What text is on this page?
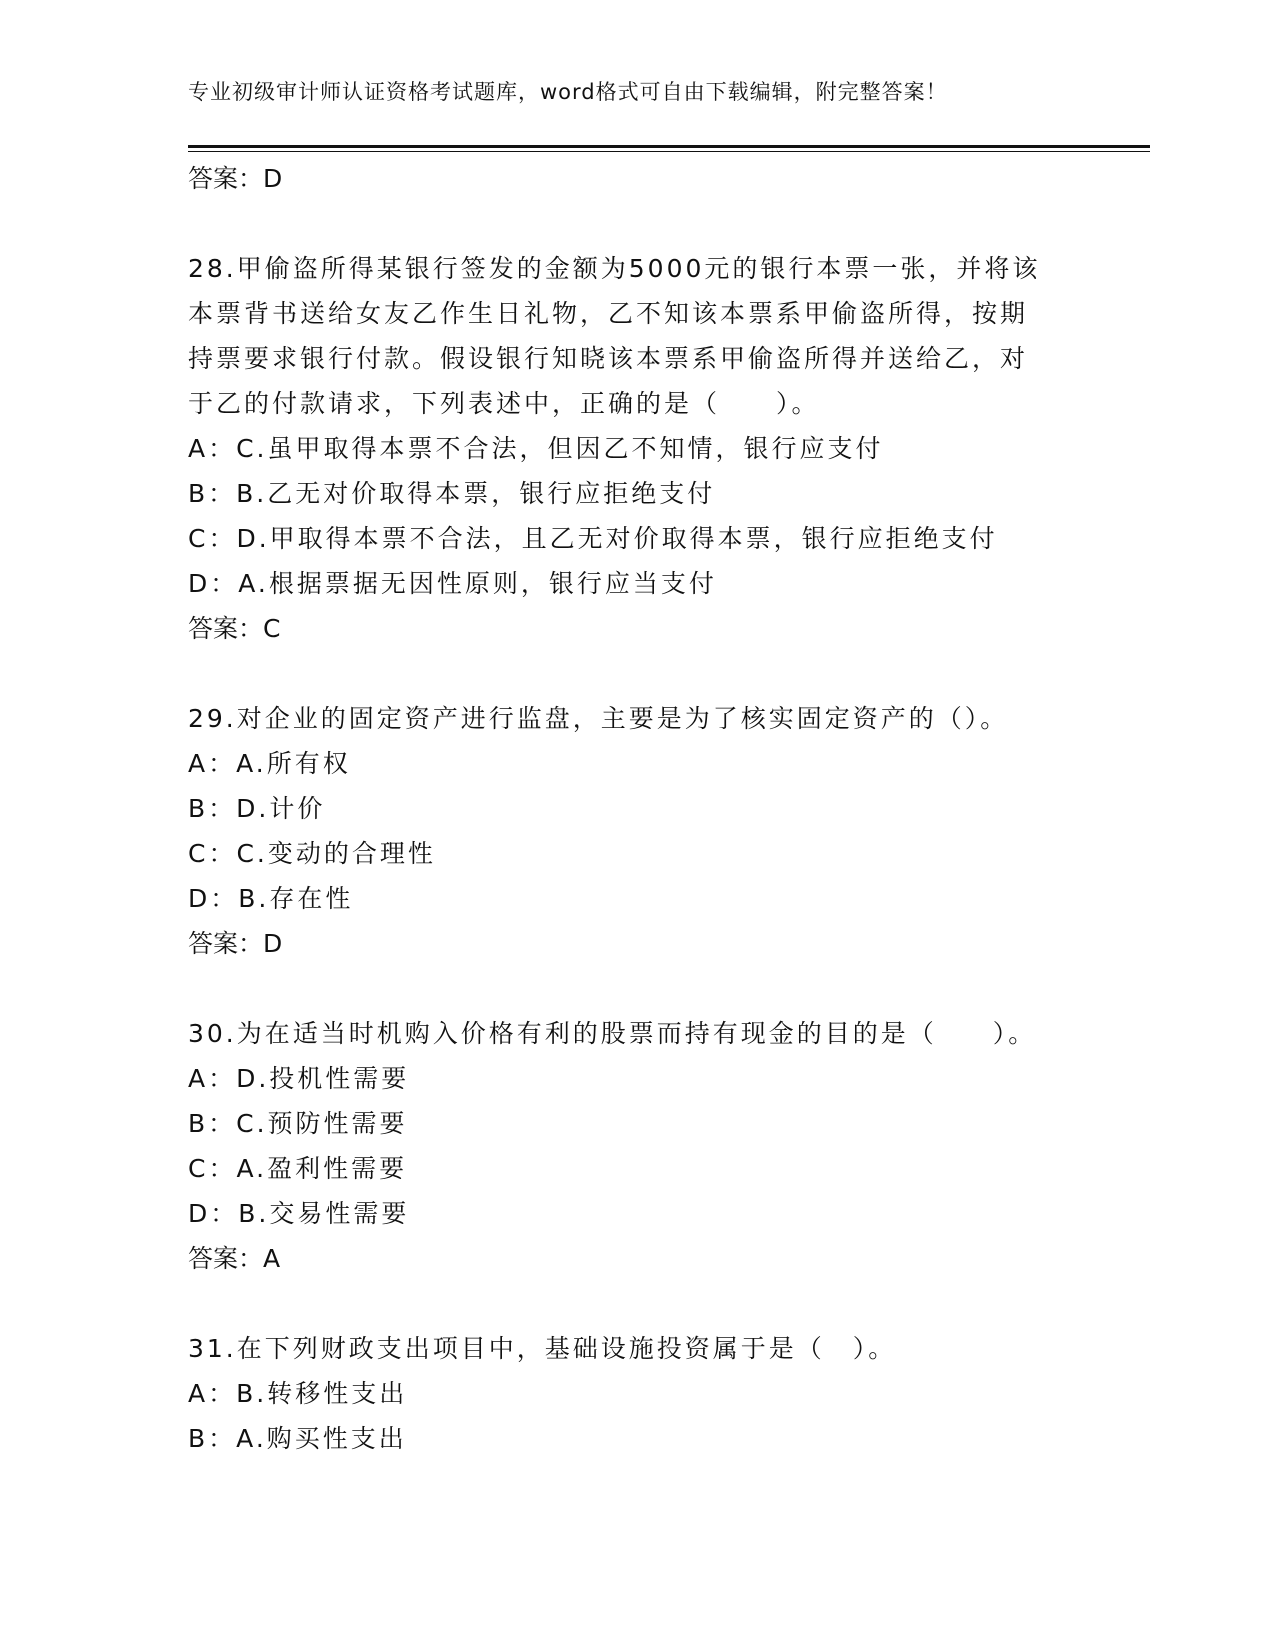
专业初级审计师认证资格考试题库，word格式可自由下载编辑，附完整答案！
答案：D
28.甲偷盗所得某银行签发的金额为5000元的银行本票一张，并将该
本票背书送给女友乙作生日礼物，乙不知该本票系甲偷盗所得，按期
持票要求银行付款。假设银行知晓该本票系甲偷盗所得并送给乙，对
于乙的付款请求，下列表述中，正确的是（　　）。
A：C.虽甲取得本票不合法，但因乙不知情，银行应支付
B：B.乙无对价取得本票，银行应拒绝支付
C：D.甲取得本票不合法，且乙无对价取得本票，银行应拒绝支付
D：A.根据票据无因性原则，银行应当支付
答案：C
29.对企业的固定资产进行监盘，主要是为了核实固定资产的（）。
A：A.所有权
B：D.计价
C：C.变动的合理性
D：B.存在性
答案：D
30.为在适当时机购入价格有利的股票而持有现金的目的是（　　）。
A：D.投机性需要
B：C.预防性需要
C：A.盈利性需要
D：B.交易性需要
答案：A
31.在下列财政支出项目中，基础设施投资属于是（　）。
A：B.转移性支出
B：A.购买性支出
